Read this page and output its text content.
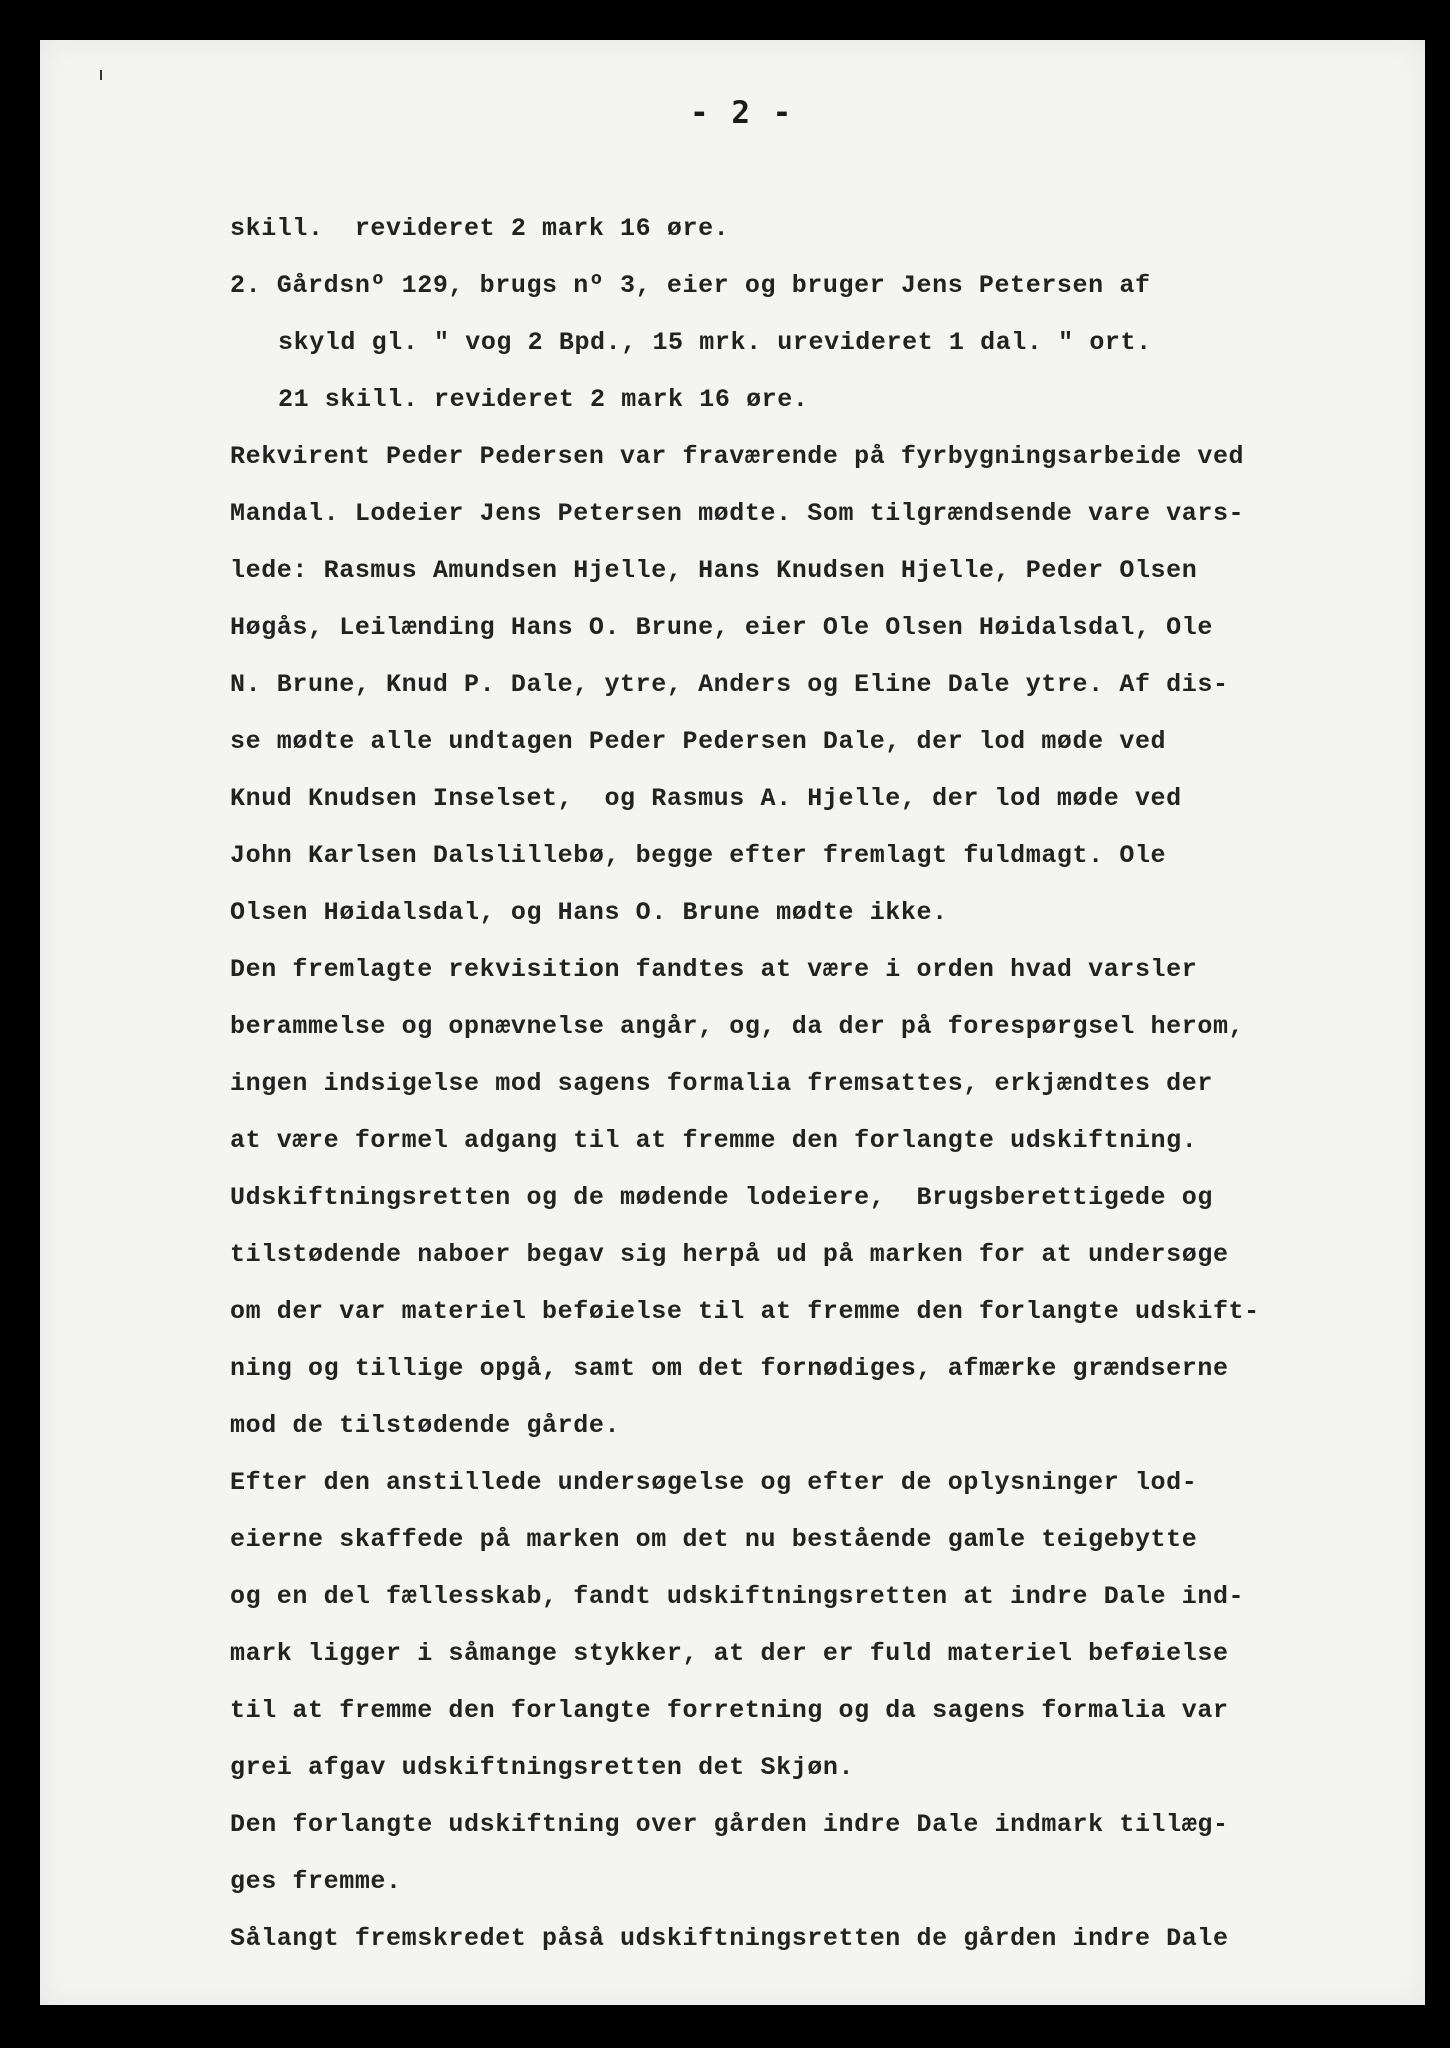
- 2 -
skill.  revideret 2 mark 16 øre.
2. Gårdsnº 129, brugs nº 3, eier og bruger Jens Petersen af
skyld gl. " vog 2 Bpd., 15 mrk. urevideret 1 dal. " ort.
21 skill. revideret 2 mark 16 øre.
Rekvirent Peder Pedersen var fraværende på fyrbygningsarbeide ved
Mandal. Lodeier Jens Petersen mødte. Som tilgrændsende vare vars-
lede: Rasmus Amundsen Hjelle, Hans Knudsen Hjelle, Peder Olsen
Høgås, Leilænding Hans O. Brune, eier Ole Olsen Høidalsdal, Ole
N. Brune, Knud P. Dale, ytre, Anders og Eline Dale ytre. Af dis-
se mødte alle undtagen Peder Pedersen Dale, der lod møde ved
Knud Knudsen Inselset,  og Rasmus A. Hjelle, der lod møde ved
John Karlsen Dalslillebø, begge efter fremlagt fuldmagt. Ole
Olsen Høidalsdal, og Hans O. Brune mødte ikke.
Den fremlagte rekvisition fandtes at være i orden hvad varsler
berammelse og opnævnelse angår, og, da der på forespørgsel herom,
ingen indsigelse mod sagens formalia fremsattes, erkjændtes der
at være formel adgang til at fremme den forlangte udskiftning.
Udskiftningsretten og de mødende lodeiere,  Brugsberettigede og
tilstødende naboer begav sig herpå ud på marken for at undersøge
om der var materiel beføielse til at fremme den forlangte udskift-
ning og tillige opgå, samt om det fornødiges, afmærke grændserne
mod de tilstødende gårde.
Efter den anstillede undersøgelse og efter de oplysninger lod-
eierne skaffede på marken om det nu bestående gamle teigebytte
og en del fællesskab, fandt udskiftningsretten at indre Dale ind-
mark ligger i såmange stykker, at der er fuld materiel beføielse
til at fremme den forlangte forretning og da sagens formalia var
grei afgav udskiftningsretten det Skjøn.
Den forlangte udskiftning over gården indre Dale indmark tillæg-
ges fremme.
Sålangt fremskredet påså udskiftningsretten de gården indre Dale
